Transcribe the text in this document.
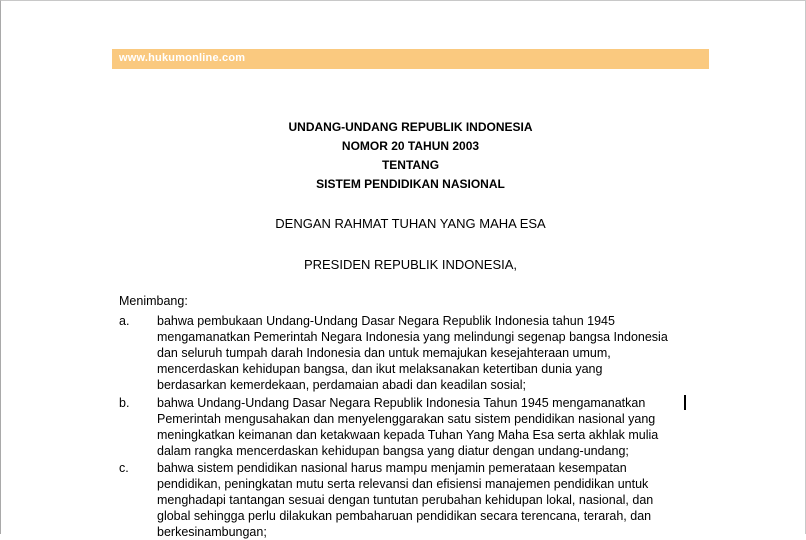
www.hukumonline.com
UNDANG-UNDANG REPUBLIK INDONESIA
NOMOR 20 TAHUN 2003
TENTANG
SISTEM PENDIDIKAN NASIONAL
DENGAN RAHMAT TUHAN YANG MAHA ESA
PRESIDEN REPUBLIK INDONESIA,
Menimbang:
a. bahwa pembukaan Undang-Undang Dasar Negara Republik Indonesia tahun 1945
mengamanatkan Pemerintah Negara Indonesia yang melindungi segenap bangsa Indonesia
dan seluruh tumpah darah Indonesia dan untuk memajukan kesejahteraan umum,
mencerdaskan kehidupan bangsa, dan ikut melaksanakan ketertiban dunia yang
berdasarkan kemerdekaan, perdamaian abadi dan keadilan sosial;
b. bahwa Undang-Undang Dasar Negara Republik Indonesia Tahun 1945 mengamanatkan
Pemerintah mengusahakan dan menyelenggarakan satu sistem pendidikan nasional yang
meningkatkan keimanan dan ketakwaan kepada Tuhan Yang Maha Esa serta akhlak mulia
dalam rangka mencerdaskan kehidupan bangsa yang diatur dengan undang-undang;
c. bahwa sistem pendidikan nasional harus mampu menjamin pemerataan kesempatan
pendidikan, peningkatan mutu serta relevansi dan efisiensi manajemen pendidikan untuk
menghadapi tantangan sesuai dengan tuntutan perubahan kehidupan lokal, nasional, dan
global sehingga perlu dilakukan pembaharuan pendidikan secara terencana, terarah, dan
berkesinambungan;
